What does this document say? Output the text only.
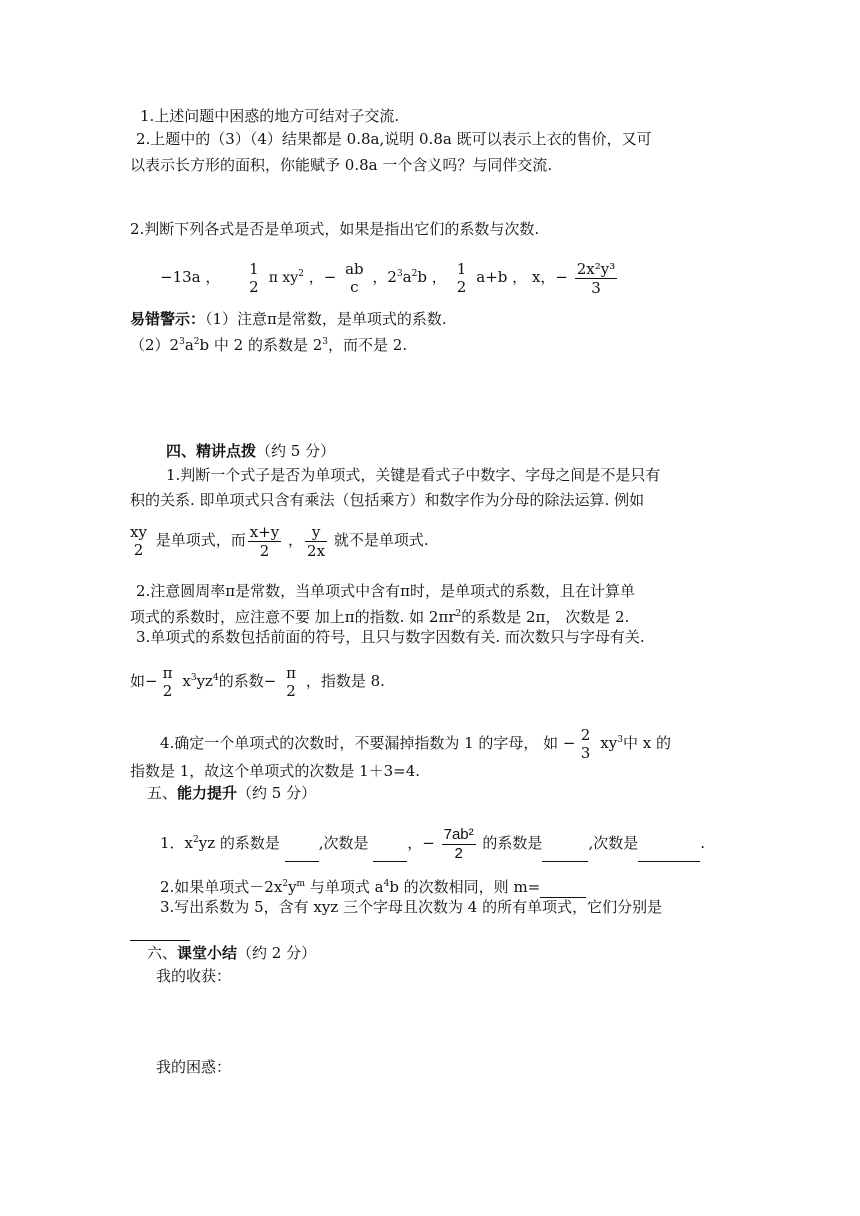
1.上述问题中困惑的地方可结对子交流.
2.上题中的（3）（4）结果都是 0.8a,说明 0.8a 既可以表示上衣的售价，又可
以表示长方形的面积，你能赋予 0.8a 一个含义吗？与同伴交流.
2.判断下列各式是否是单项式，如果是指出它们的系数与次数.
−13a ， 1
2 π $xy^2$ ，− ab
c
，$2^3a^2b$ ， 1
2
a+b ， x，− $\frac{\text{2x²y³}}{3}$
易错警示：（1）注意π是常数，是单项式的系数.
$(2)2^3a^2b$ 中 2 的系数是 $2^3$，而不是 2.
四、精讲点拨（约 5 分）
1.判断一个式子是否为单项式，关键是看式子中数字、字母之间是不是只有
积的关系. 即单项式只含有乘法（包括乘方）和数字作为分母的除法运算. 例如
xy
2
是单项式，而 $\frac{x+y}{2}$ ， $\frac{y}{2x}$ 就不是单项式.
2.注意圆周率π是常数，当单项式中含有π时，是单项式的系数，且在计算单
项式的系数时，应注意不要 加上π的指数. 如 $2\pi r^2$的系数是 2π， 次数是 2.
3.单项式的系数包括前面的符号，且只与数字因数有关. 而次数只与字母有关.
如− π
2
$x^3yz^4$的系数− π
2
，指数是 8.
4.确定一个单项式的次数时，不要漏掉指数为 1 的字母， 如 − 2
3
$xy^3$中 x 的
指数是 1，故这个单项式的次数是 1＋3=4.
五、能力提升（约 5 分）
1．$x^2yz$ 的系数是	,次数是	，− $\frac{\text{7ab²}}{2}$ 的系数是	,次数是	.
2.如果单项式$-2x^2y^m$ 与单项式 $a^4b$ 的次数相同，则 m=
3.写出系数为 5，含有 xyz 三个字母且次数为 4 的所有单项式，它们分别是

六、课堂小结（约 2 分）
我的收获：
我的困惑：
